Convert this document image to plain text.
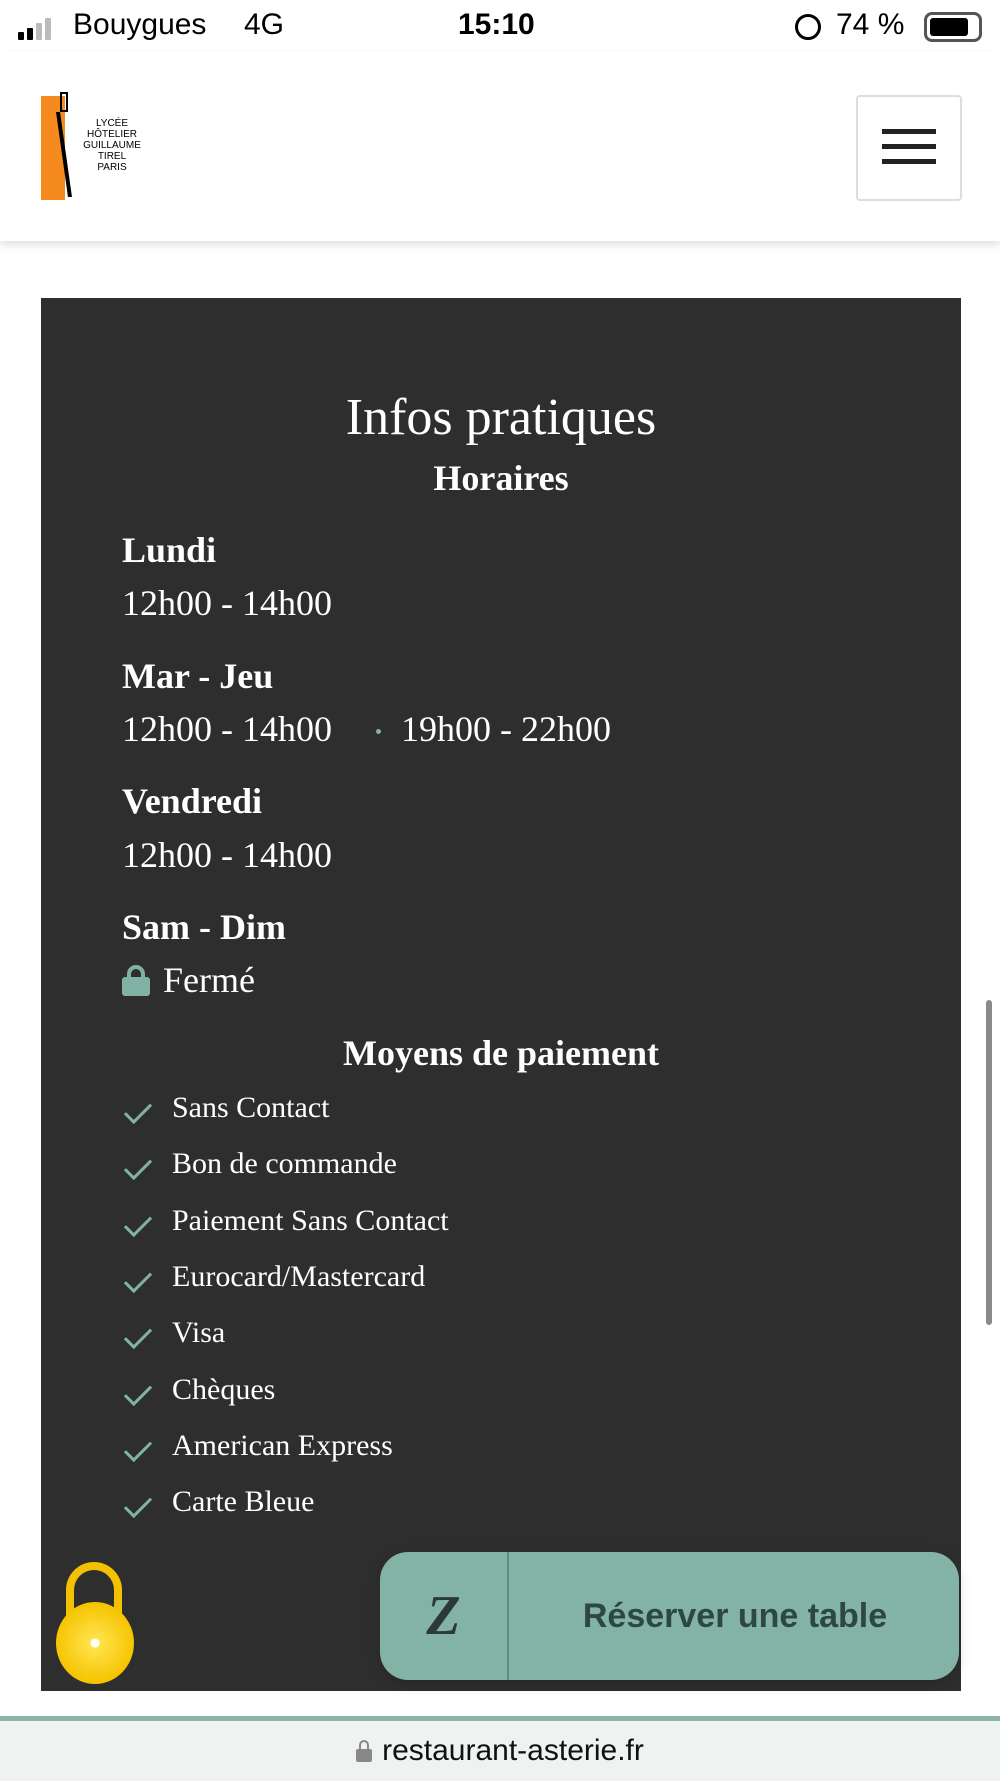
Bouygues 4G	15:10	74 %
LYCÉE HÔTELIER
GUILLAUME TIREL
PARIS
Infos pratiques
Horaires
Lundi
12h00 - 14h00
Mar - Jeu
12h00 - 14h00 19h00 - 22h00
Vendredi
12h00 - 14h00
Sam - Dim
Fermé
Moyens de paiement
Sans Contact
Bon de commande
Paiement Sans Contact
Eurocard/Mastercard
Visa
Chèques
American Express
Carte Bleue
Z	Réserver une table
restaurant-asterie.fr
